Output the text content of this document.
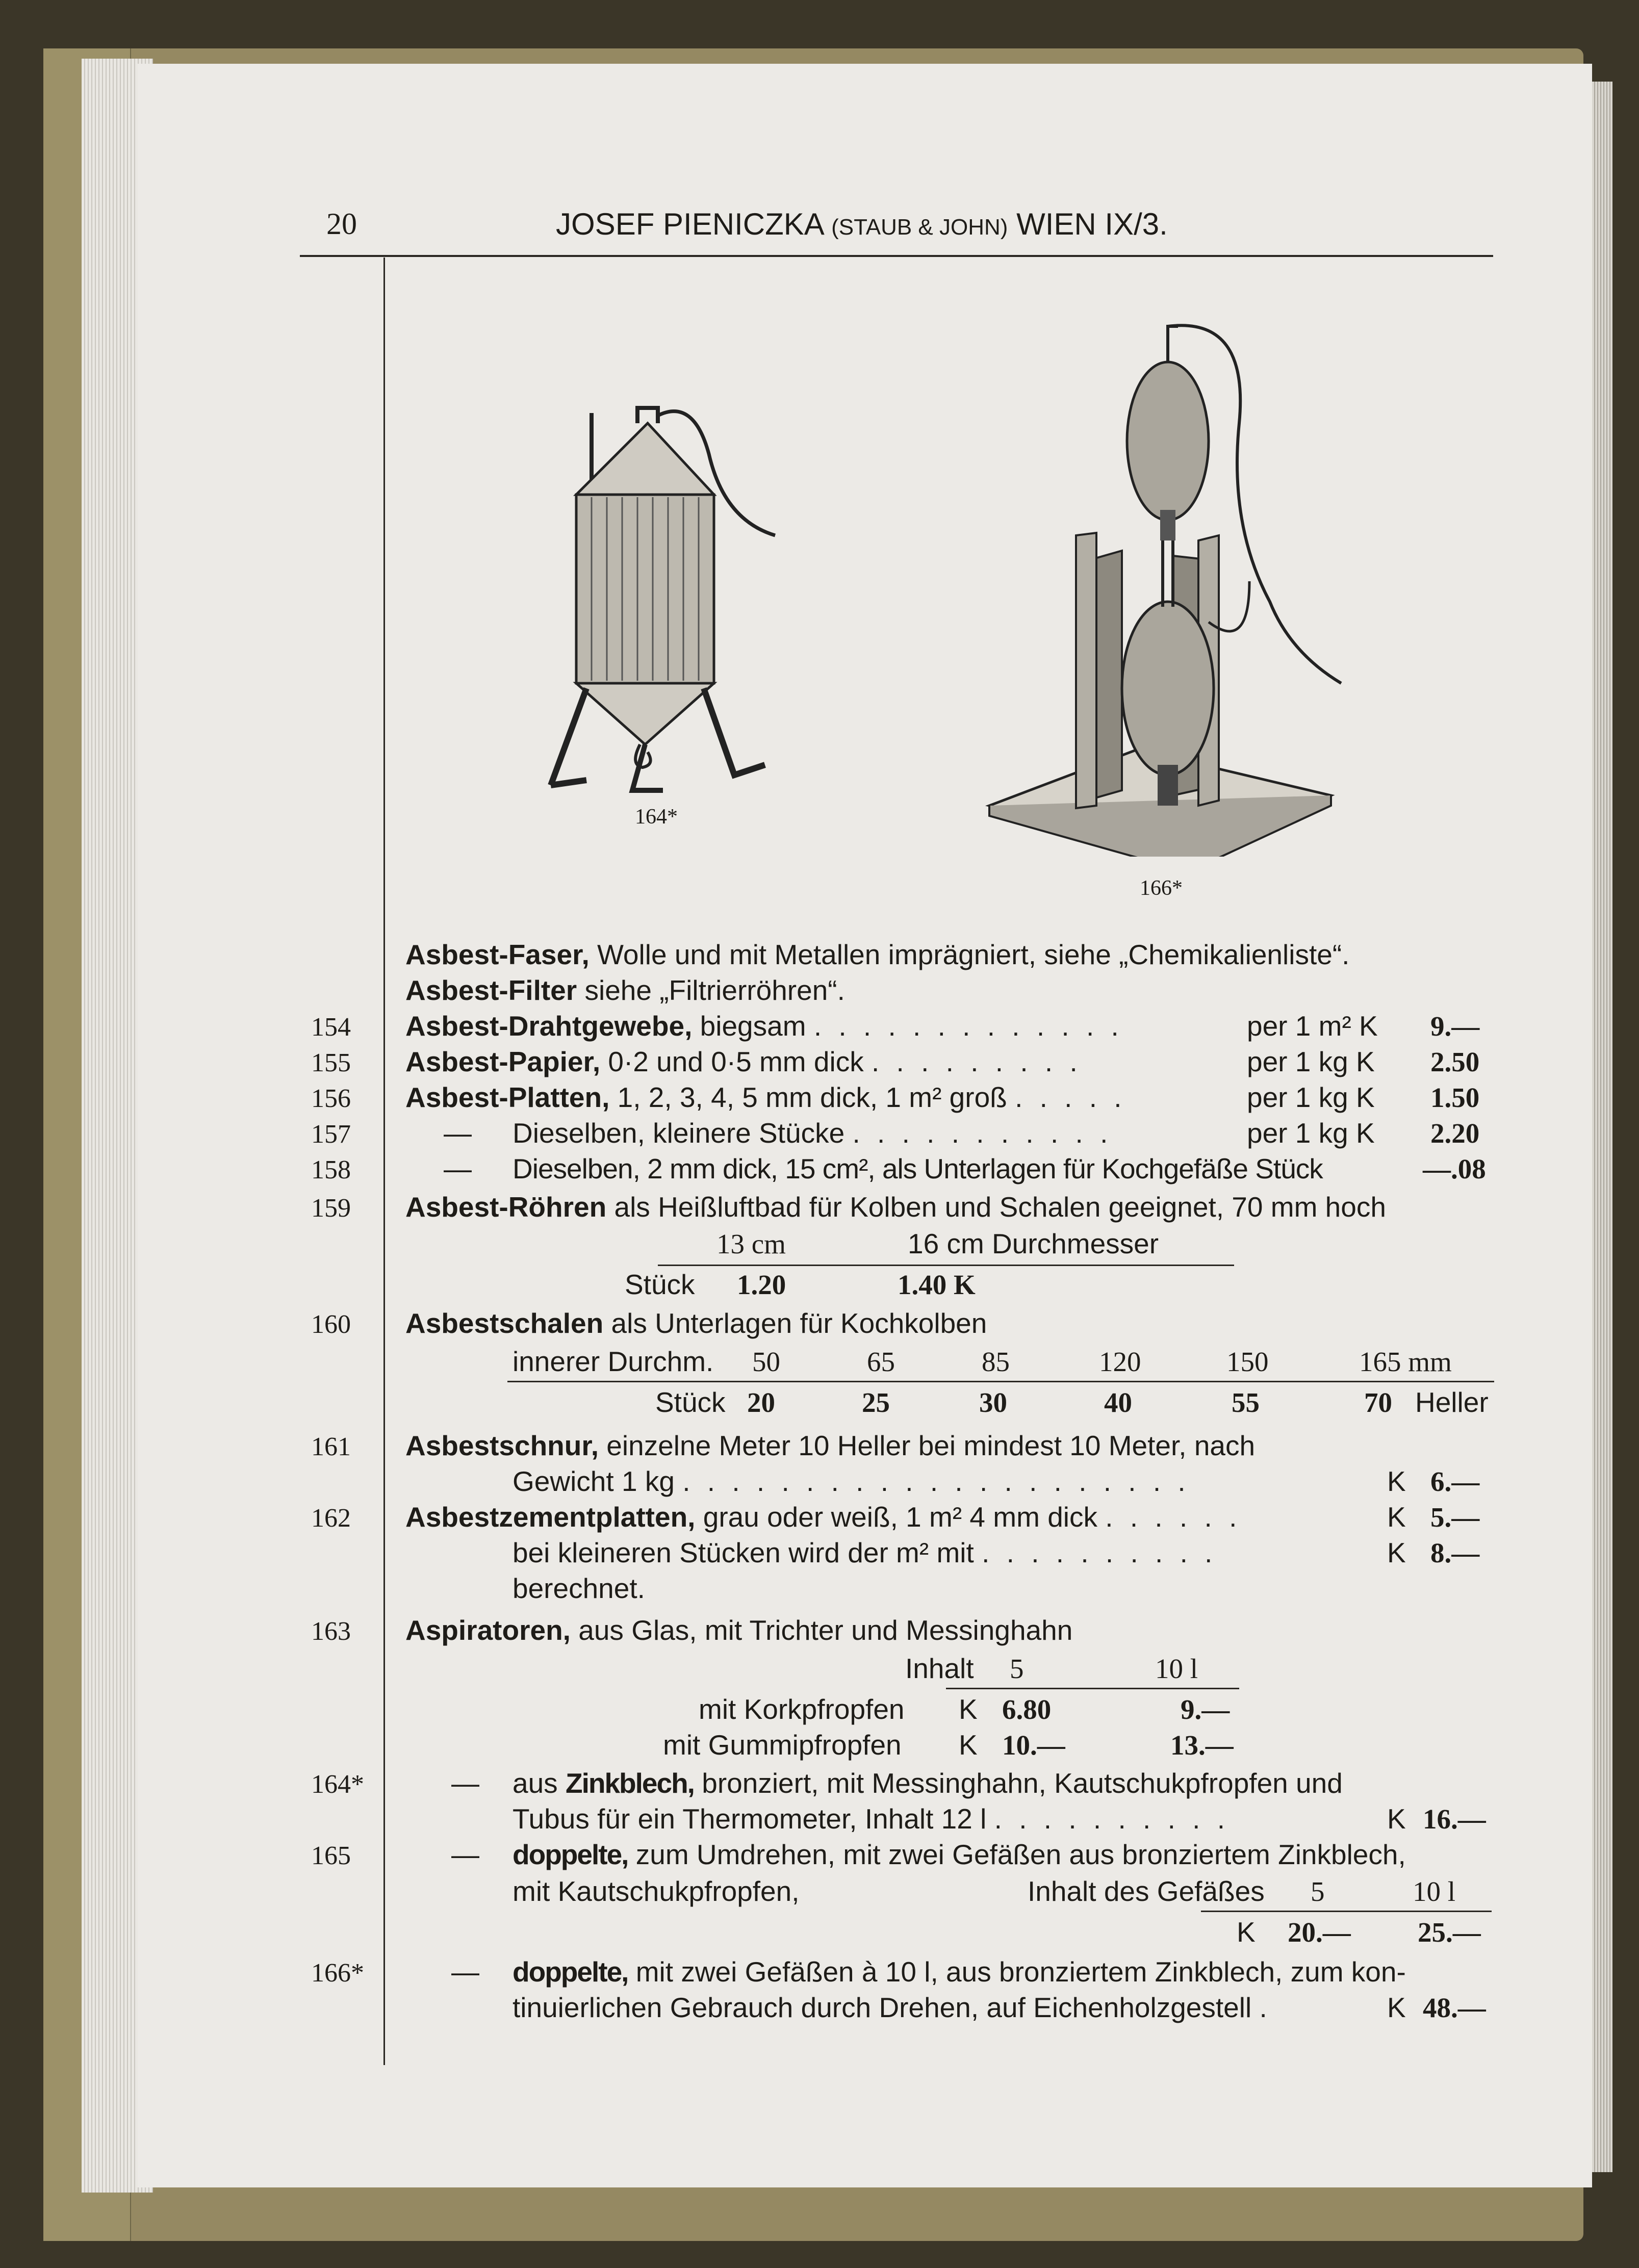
20	JOSEF PIENICZKA (STAUB & JOHN) WIEN IX/3.
164*
166*
Asbest-Faser, Wolle und mit Metallen imprägniert, siehe „Chemikalienliste“.
Asbest-Filter siehe „Filtrierröhren“.
154 Asbest-Drahtgewebe, biegsam . . . . . . . . . . . . .	per 1 m² K 9.—
155 Asbest-Papier, 0·2 und 0·5 mm dick . . . . . . . . .	per 1 kg K 2.50
156 Asbest-Platten, 1, 2, 3, 4, 5 mm dick, 1 m² groß . . . . .	per 1 kg K 1.50
157	— Dieselben, kleinere Stücke . . . . . . . . . . .	per 1 kg K 2.20
158	— Dieselben, 2 mm dick, 15 cm², als Unterlagen für Kochgefäße Stück	—.08
159 Asbest-Röhren als Heißluftbad für Kolben und Schalen geeignet, 70 mm hoch
13 cm	16 cm Durchmesser
Stück 1.20	1.40 K
160 Asbestschalen als Unterlagen für Kochkolben
innerer Durchm. 50	65	85	120	150	165 mm
Stück 20	25	30	40	55	70 Heller
161 Asbestschnur, einzelne Meter 10 Heller bei mindest 10 Meter, nach
Gewicht 1 kg . . . . . . . . . . . . . . . . . . . . .	K 6.—
162 Asbestzementplatten, grau oder weiß, 1 m² 4 mm dick . . . . . .	K 5.—
bei kleineren Stücken wird der m² mit . . . . . . . . . .	K 8.—
berechnet.
163 Aspiratoren, aus Glas, mit Trichter und Messinghahn
Inhalt 5	10 l
mit Korkpfropfen K 6.80	9.—
mit Gummipfropfen K 10.—	13.—
164*	— aus Zinkblech, bronziert, mit Messinghahn, Kautschukpfropfen und
Tubus für ein Thermometer, Inhalt 12 l . . . . . . . . . .	K 16.—
165	— doppelte, zum Umdrehen, mit zwei Gefäßen aus bronziertem Zinkblech,
mit Kautschukpfropfen,	Inhalt des Gefäßes 5	10 l
K 20.— 25.—
166*	— doppelte, mit zwei Gefäßen à 10 l, aus bronziertem Zinkblech, zum kon-
tinuierlichen Gebrauch durch Drehen, auf Eichenholzgestell .	K 48.—
